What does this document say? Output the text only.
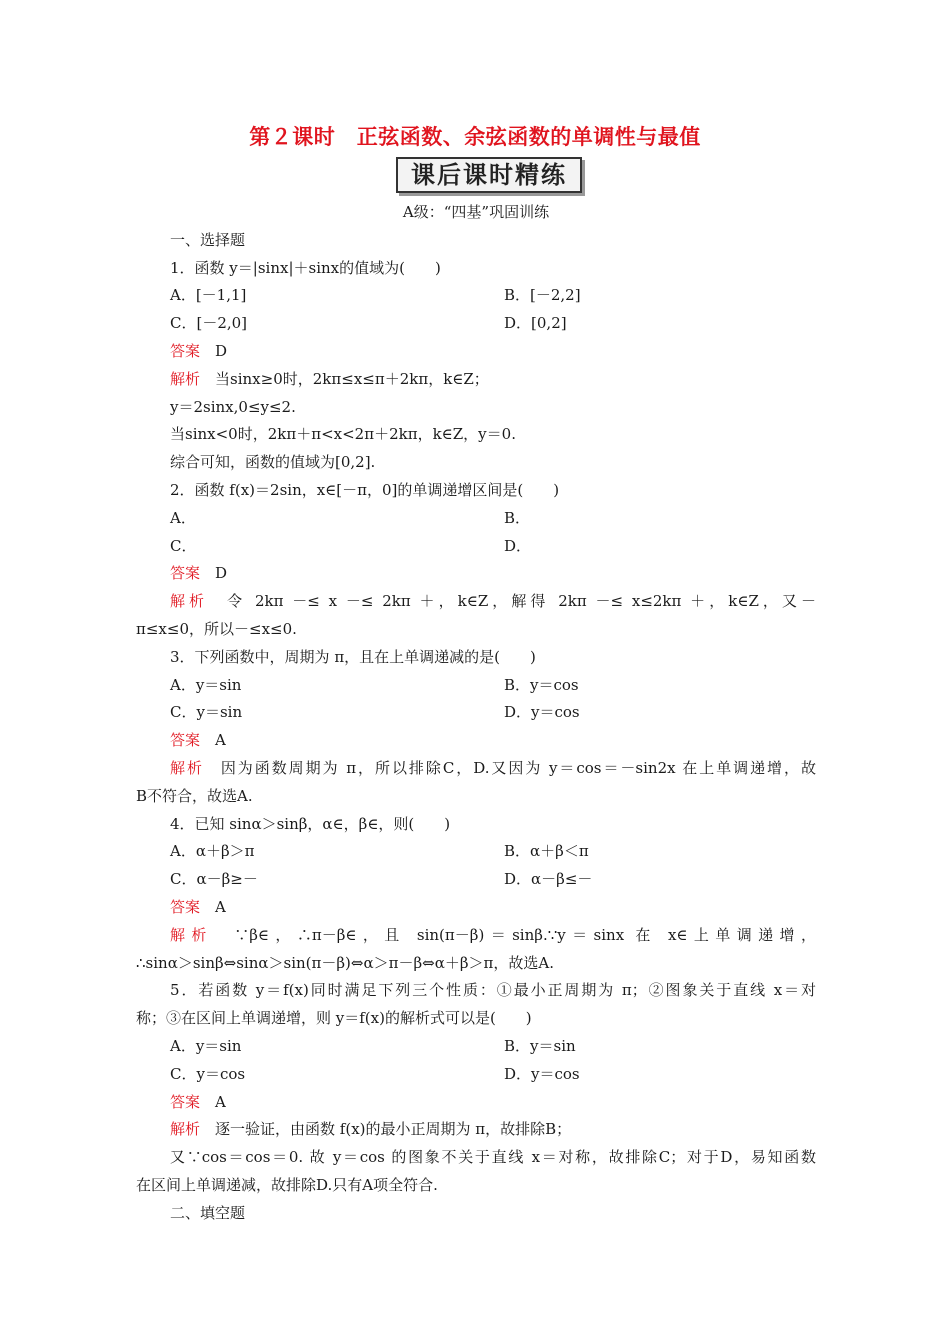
第２课时　正弦函数、余弦函数的单调性与最值
课后课时精练
A级：“四基”巩固训练
一、选择题
1．函数 y＝|sinx|＋sinx的值域为(　　)
A．[－1,1]	B．[－2,2]
C．[－2,0]	D．[0,2]
答案　 D
解析　 当sinx≥0时，2kπ≤x≤π＋2kπ，k∈Z；
y＝2sinx,0≤y≤2.
当sinx<0时，2kπ＋π<x<2π＋2kπ，k∈Z，y＝0.
综合可知，函数的值域为[0,2].
2．函数 f(x)＝2sin，x∈[－π，0]的单调递增区间是(　　)
A．	B．
C．	D．
答案　 D
解析　 令 2kπ －≤ x －≤ 2kπ ＋，k∈Z，解得 2kπ －≤ x≤2kπ ＋，k∈Z，又－
π≤x≤0，所以－≤x≤0.
3．下列函数中，周期为 π，且在上单调递减的是(　　)
A．y＝sin	B．y＝cos
C．y＝sin	D．y＝cos
答案　 A
解析　 因为函数周期为 π，所以排除C，D.又因为 y＝cos＝－sin2x 在上单调递增，故
B不符合，故选A.
4．已知 sinα＞sinβ，α∈，β∈，则(　　)
A．α＋β＞π	B．α＋β＜π
C．α－β≥－	D．α－β≤－
答案　 A
解析　 ∵β∈，∴π－β∈，且 sin(π－β)＝sinβ.∵y＝sinx 在 x∈上单调递增，
∴sinα＞sinβ⇔sinα＞sin(π－β)⇔α＞π－β⇔α＋β＞π，故选A.
5．若函数 y＝f(x)同时满足下列三个性质：①最小正周期为 π；②图象关于直线 x＝对
称；③在区间上单调递增，则 y＝f(x)的解析式可以是(　　)
A．y＝sin	B．y＝sin
C．y＝cos	D．y＝cos
答案　 A
解析　 逐一验证，由函数 f(x)的最小正周期为 π，故排除B；
又∵cos＝cos＝0. 故 y＝cos 的图象不关于直线 x＝对称，故排除C；对于D，易知函数
在区间上单调递减，故排除D.只有A项全符合.
二、填空题
